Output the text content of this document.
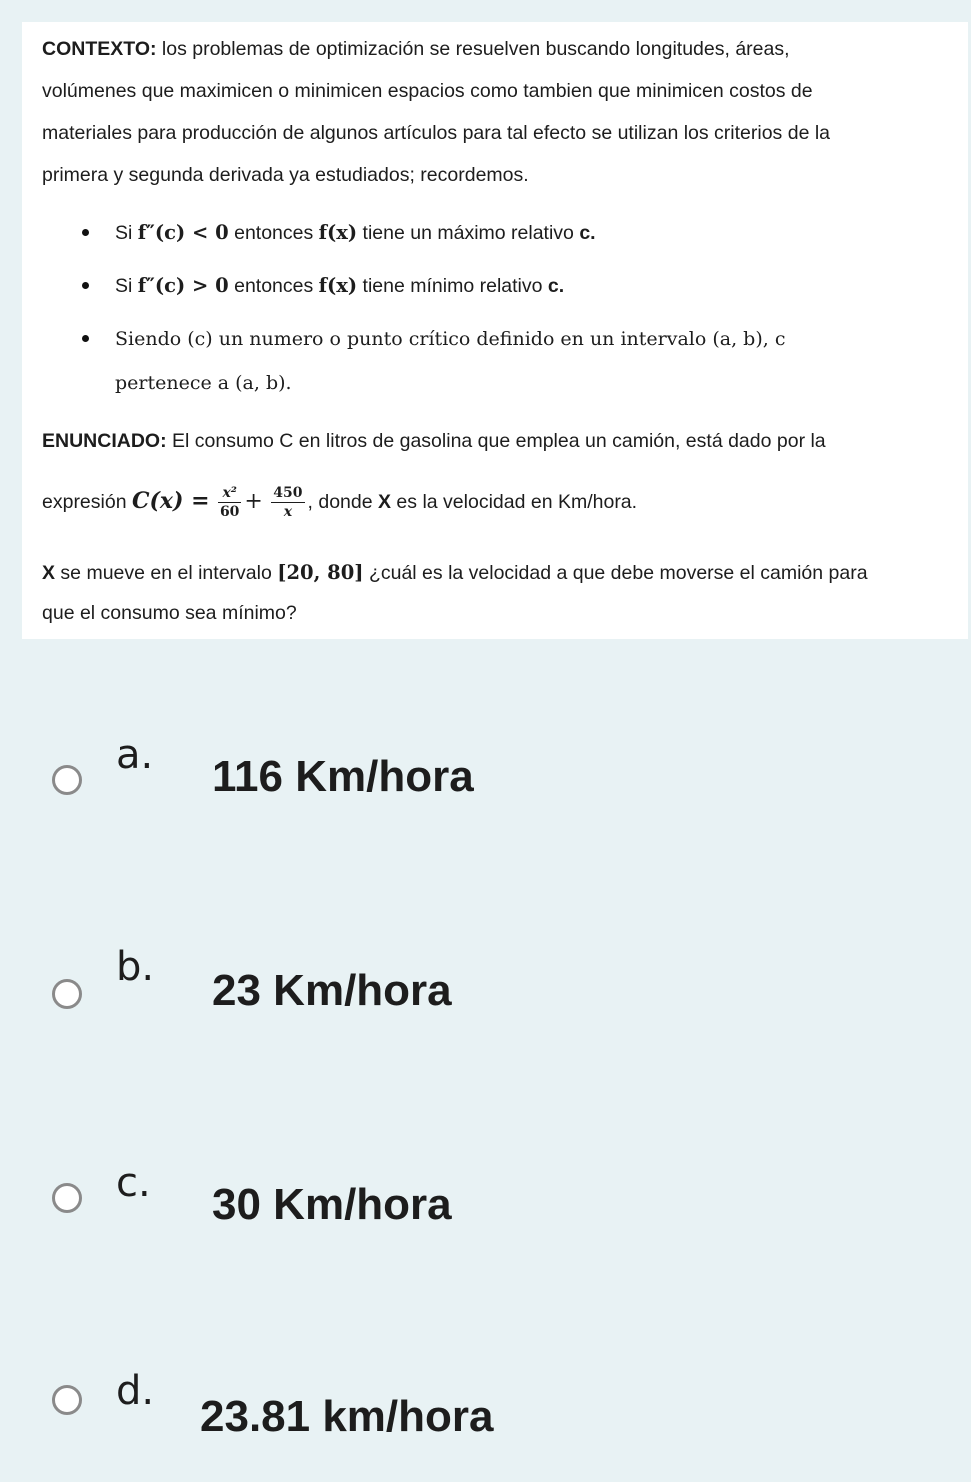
CONTEXTO: los problemas de optimización se resuelven buscando longitudes, áreas,
volúmenes que maximicen o minimicen espacios como tambien que minimicen costos de
materiales para producción de algunos artículos para tal efecto se utilizan los criterios de la
primera y segunda derivada ya estudiados; recordemos.
Si f″(c) < 0 entonces f(x) tiene un máximo relativo c.
Si f″(c) > 0 entonces f(x) tiene mínimo relativo c.
Siendo (c) un numero o punto crítico definido en un intervalo (a, b), c
pertenece a (a, b).
ENUNCIADO: El consumo C en litros de gasolina que emplea un camión, está dado por la
expresión $C(x) = \frac{\text{x²}}{60} + \frac{450}{x}$ , donde X es la velocidad en Km/hora.
X se mueve en el intervalo [20, 80] ¿cuál es la velocidad a que debe moverse el camión para
que el consumo sea mínimo?
a. 116 Km/hora
b. 23 Km/hora
c. 30 Km/hora
d.
23.81 km/hora
